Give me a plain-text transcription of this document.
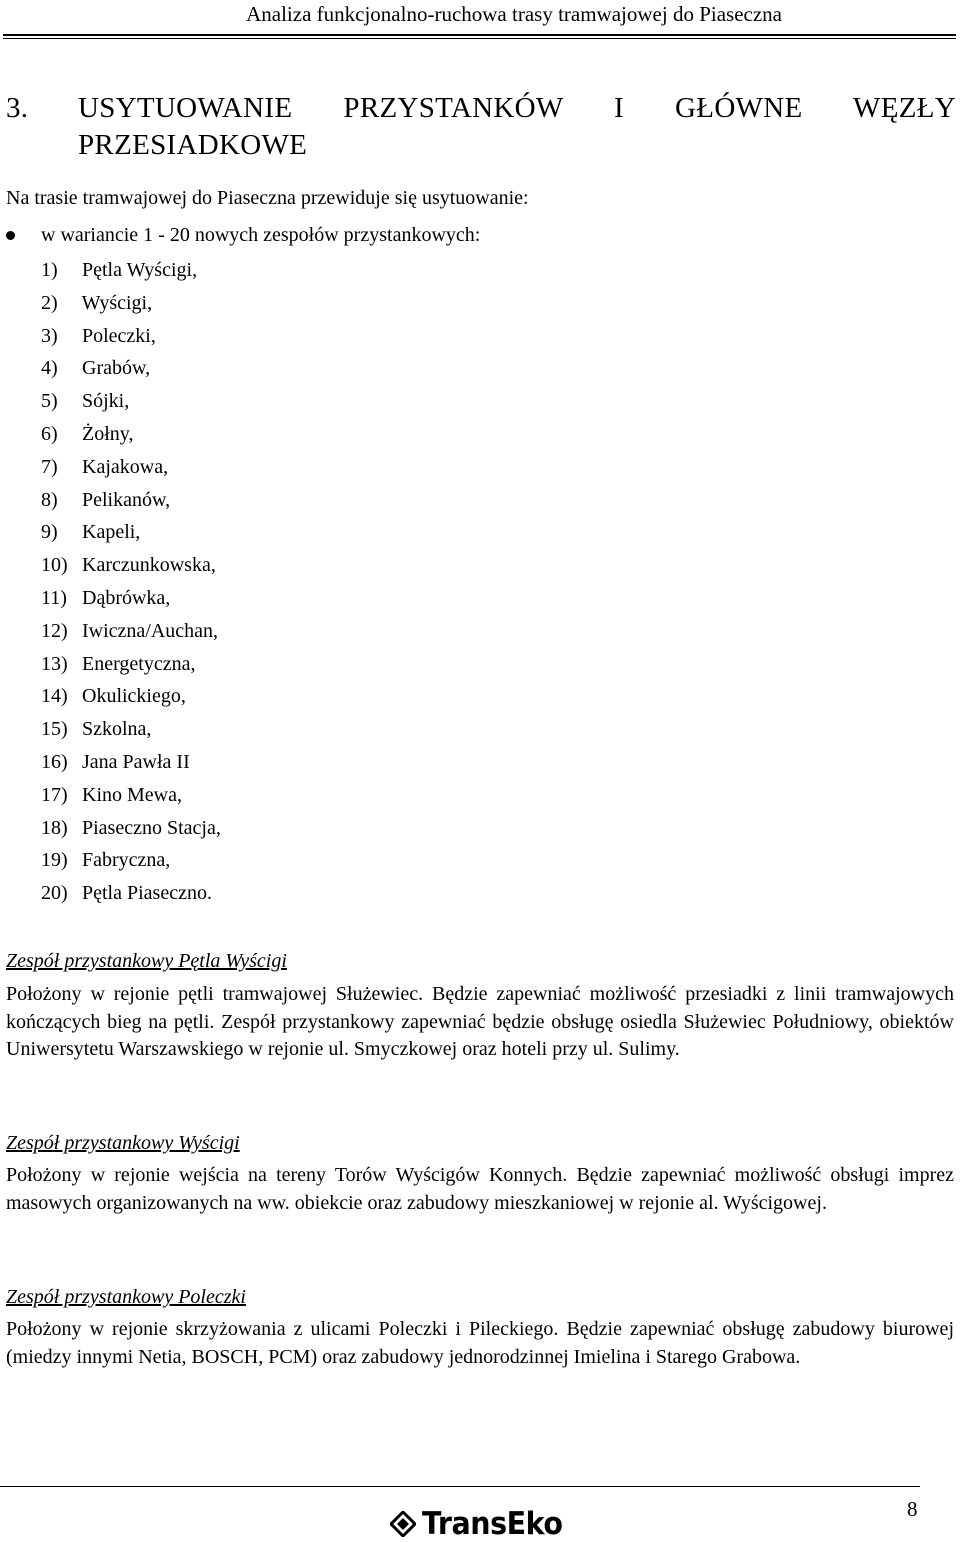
Analiza funkcjonalno-ruchowa trasy tramwajowej do Piaseczna
3. USYTUOWANIE PRZYSTANKÓW I GŁÓWNE WĘZŁY PRZESIADKOWE
Na trasie tramwajowej do Piaseczna przewiduje się usytuowanie:
w wariancie 1 - 20 nowych zespołów przystankowych:
1) Pętla Wyścigi,
2) Wyścigi,
3) Poleczki,
4) Grabów,
5) Sójki,
6) Żołny,
7) Kajakowa,
8) Pelikanów,
9) Kapeli,
10) Karczunkowska,
11) Dąbrówka,
12) Iwiczna/Auchan,
13) Energetyczna,
14) Okulickiego,
15) Szkolna,
16) Jana Pawła II
17) Kino Mewa,
18) Piaseczno Stacja,
19) Fabryczna,
20) Pętla Piaseczno.
Zespół przystankowy Pętla Wyścigi
Położony w rejonie pętli tramwajowej Służewiec. Będzie zapewniać możliwość przesiadki z linii tramwajowych kończących bieg na pętli. Zespół przystankowy zapewniać będzie obsługę osiedla Służewiec Południowy, obiektów Uniwersytetu Warszawskiego w rejonie ul. Smyczkowej oraz hoteli przy ul. Sulimy.
Zespół przystankowy Wyścigi
Położony w rejonie wejścia na tereny Torów Wyścigów Konnych. Będzie zapewniać możliwość obsługi imprez masowych organizowanych na ww. obiekcie oraz zabudowy mieszkaniowej w rejonie al. Wyścigowej.
Zespół przystankowy Poleczki
Położony w rejonie skrzyżowania z ulicami Poleczki i Pileckiego. Będzie zapewniać obsługę zabudowy biurowej (miedzy innymi Netia, BOSCH, PCM) oraz zabudowy jednorodzinnej Imielina i Starego Grabowa.
8
TransEko
